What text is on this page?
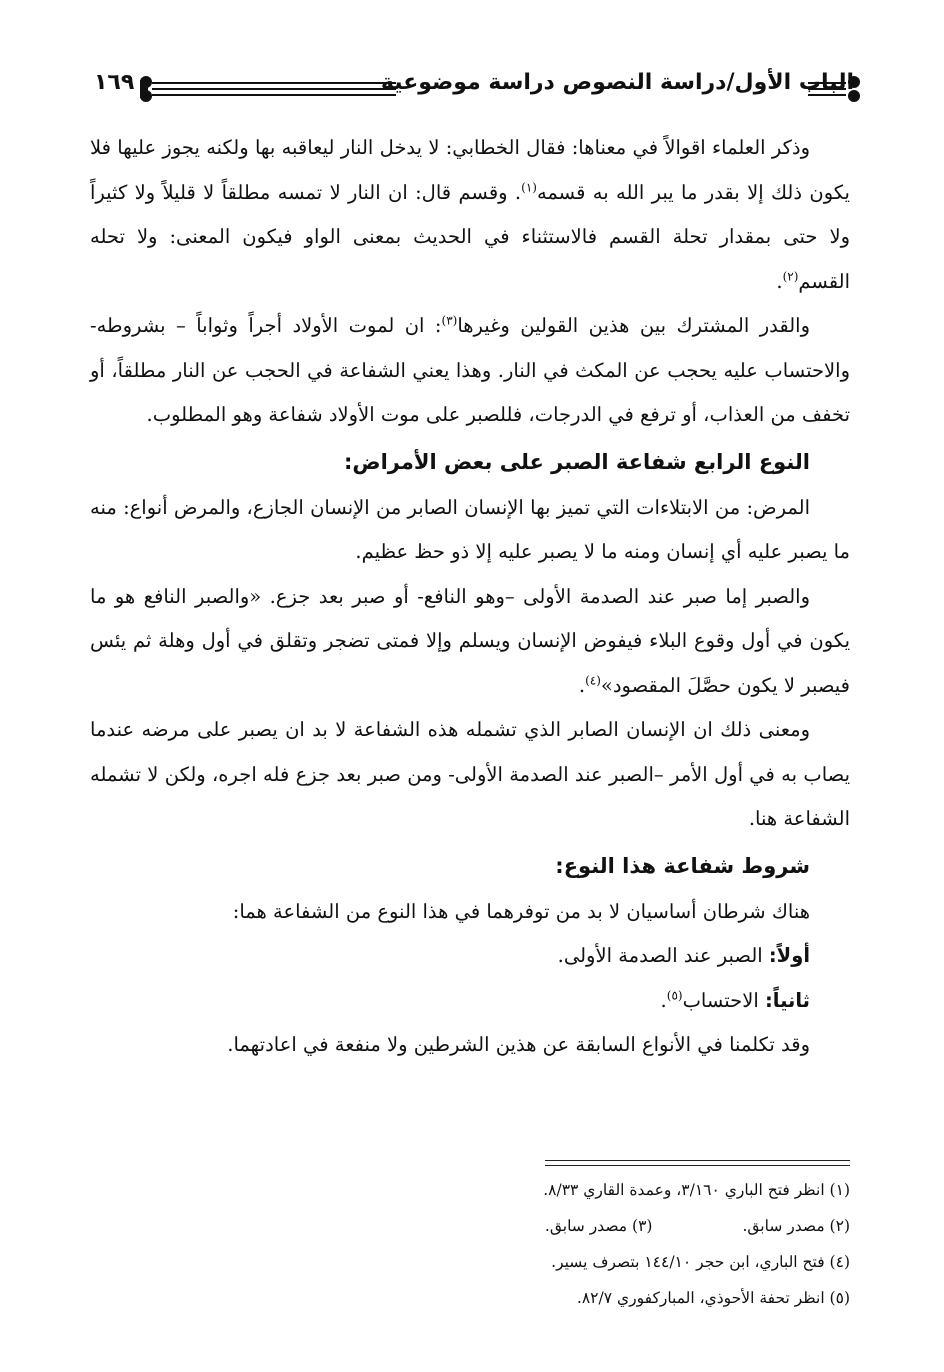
الباب الأول/دراسة النصوص دراسة موضوعية
١٦٩

وذكر العلماء اقوالاً في معناها: فقال الخطابي: لا يدخل النار ليعاقبه بها ولكنه يجوز عليها فلا يكون ذلك إلا بقدر ما يبر الله به قسمه$^{(١)}$. وقسم قال: ان النار لا تمسه مطلقاً لا قليلاً ولا كثيراً ولا حتى بمقدار تحلة القسم فالاستثناء في الحديث بمعنى الواو فيكون المعنى: ولا تحله القسم$^{(٢)}$.

والقدر المشترك بين هذين القولين وغيرها$^{(٣)}$: ان لموت الأولاد أجراً وثواباً – بشروطه- والاحتساب عليه يحجب عن المكث في النار. وهذا يعني الشفاعة في الحجب عن النار مطلقاً، أو تخفف من العذاب، أو ترفع في الدرجات، فللصبر على موت الأولاد شفاعة وهو المطلوب.

النوع الرابع شفاعة الصبر على بعض الأمراض:

المرض: من الابتلاءات التي تميز بها الإنسان الصابر من الإنسان الجازع، والمرض أنواع: منه ما يصبر عليه أي إنسان ومنه ما لا يصبر عليه إلا ذو حظ عظيم.

والصبر إما صبر عند الصدمة الأولى –وهو النافع- أو صبر بعد جزع. «والصبر النافع هو ما يكون في أول وقوع البلاء فيفوض الإنسان ويسلم وإلا فمتى تضجر وتقلق في أول وهلة ثم يئس فيصبر لا يكون حصَّلَ المقصود»$^{(٤)}$.

ومعنى ذلك ان الإنسان الصابر الذي تشمله هذه الشفاعة لا بد ان يصبر على مرضه عندما يصاب به في أول الأمر –الصبر عند الصدمة الأولى- ومن صبر بعد جزع فله اجره، ولكن لا تشمله الشفاعة هنا.

شروط شفاعة هذا النوع:

هناك شرطان أساسيان لا بد من توفرهما في هذا النوع من الشفاعة هما:

أولاً: الصبر عند الصدمة الأولى.

ثانياً: الاحتساب$^{(٥)}$.

وقد تكلمنا في الأنواع السابقة عن هذين الشرطين ولا منفعة في اعادتهما.

(١) انظر فتح الباري ٣/١٦٠، وعمدة القاري ٨/٣٣.
(٢) مصدر سابق.(٣) مصدر سابق.
(٤) فتح الباري، ابن حجر ١٤٤/١٠ بتصرف يسير.
(٥) انظر تحفة الأحوذي، المباركفوري ٨٢/٧.
